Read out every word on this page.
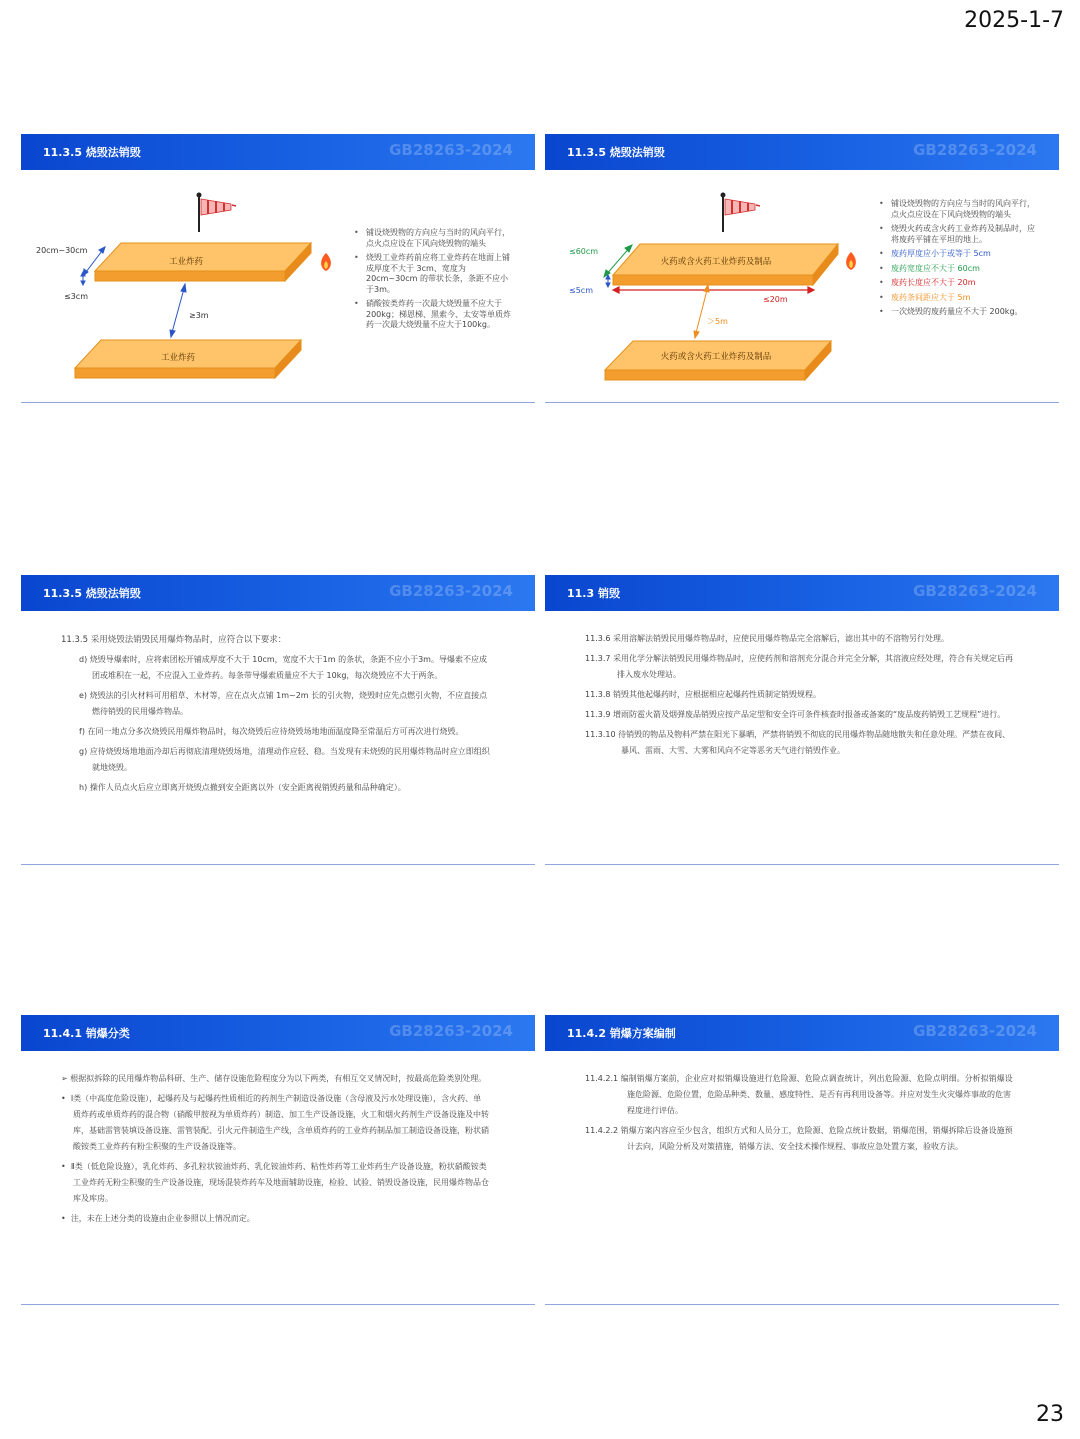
2025-1-7
11.3.5 烧毁法销毁	GB28263-2024
工业炸药
工业炸药
20cm~30cm
≤3cm
≥3m
• 铺设烧毁物的方向应与当时的风向平行，点火点应设在下风向烧毁物的端头
• 烧毁工业炸药前应将工业炸药在地面上铺成厚度不大于 3cm、宽度为20cm~30cm 的带状长条，条距不应小于3m。
• 硝酸铵类炸药一次最大烧毁量不应大于200kg；梯恩梯、黑索今、太安等单质炸药一次最大烧毁量不应大于100kg。
11.3.5 烧毁法销毁	GB28263-2024
火药或含火药工业炸药及制品
火药或含火药工业炸药及制品
≤60cm
≤5cm
≤20m
＞5m
• 铺设烧毁物的方向应与当时的风向平行，点火点应设在下风向烧毁物的端头
• 烧毁火药或含火药工业炸药及制品时，应将废药平铺在平坦的地上。
• 废药厚度应小于或等于 5cm
• 废药宽度应不大于 60cm
• 废药长度应不大于 20m
• 废药条间距应大于 5m
• 一次烧毁的废药量应不大于 200kg。
11.3.5 烧毁法销毁	GB28263-2024

11.3.5 采用烧毁法销毁民用爆炸物品时，应符合以下要求：

d) 烧毁导爆索时，应将索团松开铺成厚度不大于 10cm，宽度不大于1m 的条状，条距不应小于3m。导爆索不应成团或堆积在一起，不应混入工业炸药。每条带导爆索质量应不大于 10kg，每次烧毁应不大于两条。

e) 烧毁法的引火材料可用稻草、木材等，应在点火点铺 1m~2m 长的引火物，烧毁时应先点燃引火物，不应直接点燃待销毁的民用爆炸物品。

f) 在同一地点分多次烧毁民用爆炸物品时，每次烧毁后应待烧毁场地地面温度降至常温后方可再次进行烧毁。

g) 应待烧毁场地地面冷却后再彻底清理烧毁场地，清理动作应轻、稳。当发现有未烧毁的民用爆炸物品时应立即组织就地烧毁。

h) 操作人员点火后应立即离开烧毁点撤到安全距离以外（安全距离视销毁药量和品种确定）。

11.3 销毁	GB28263-2024

11.3.6 采用溶解法销毁民用爆炸物品时，应使民用爆炸物品完全溶解后，滤出其中的不溶物另行处理。

11.3.7 采用化学分解法销毁民用爆炸物品时，应使药剂和溶剂充分混合并完全分解，其溶液应经处理，符合有关规定后再排入废水处理站。

11.3.8 销毁其他起爆药时，应根据相应起爆药性质制定销毁规程。

11.3.9 增雨防雹火箭及烟弹废品销毁应按产品定型和安全许可条件核查时报备或备案的“废品废药销毁工艺规程”进行。

11.3.10 待销毁的物品及物料严禁在阳光下暴晒，严禁将销毁不彻底的民用爆炸物品随地散失和任意处理。严禁在夜间、暴风、雷雨、大雪、大雾和风向不定等恶劣天气进行销毁作业。

11.4.1 销爆分类	GB28263-2024

➢ 根据拟拆除的民用爆炸物品科研、生产、储存设施危险程度分为以下两类，有相互交叉情况时，按最高危险类别处理。

•  Ⅰ类（中高度危险设施），起爆药及与起爆药性质相近的药剂生产制造设备设施（含母液及污水处理设施），含火药、单质炸药或单质炸药的混合物（硝酸甲胺视为单质炸药）制造、加工生产设备设施，火工和烟火药剂生产设备设施及中转库，基础雷管装填设备设施、雷管装配、引火元件制造生产线，含单质炸药的工业炸药制品加工制造设备设施，粉状硝酸铵类工业炸药有粉尘积聚的生产设备设施等。

•  Ⅱ类（低危险设施），乳化炸药、多孔粒状铵油炸药、乳化铵油炸药、粘性炸药等工业炸药生产设备设施，粉状硝酸铵类工业炸药无粉尘积聚的生产设备设施，现场混装炸药车及地面辅助设施，检验、试验、销毁设备设施，民用爆炸物品仓库及库房。

•  注，未在上述分类的设施由企业参照以上情况而定。

11.4.2 销爆方案编制	GB28263-2024

11.4.2.1 编制销爆方案前，企业应对拟销爆设施进行危险源、危险点调查统计，列出危险源、危险点明细。分析拟销爆设施危险源、危险位置，危险品种类、数量、感度特性、是否有再利用设备等。并应对发生火灾爆炸事故的危害程度进行评估。

11.4.2.2 销爆方案内容应至少包含，组织方式和人员分工，危险源、危险点统计数据，销爆范围，销爆拆除后设备设施预计去向，风险分析及对策措施，销爆方法、安全技术操作规程、事故应急处置方案，验收方法。

23
